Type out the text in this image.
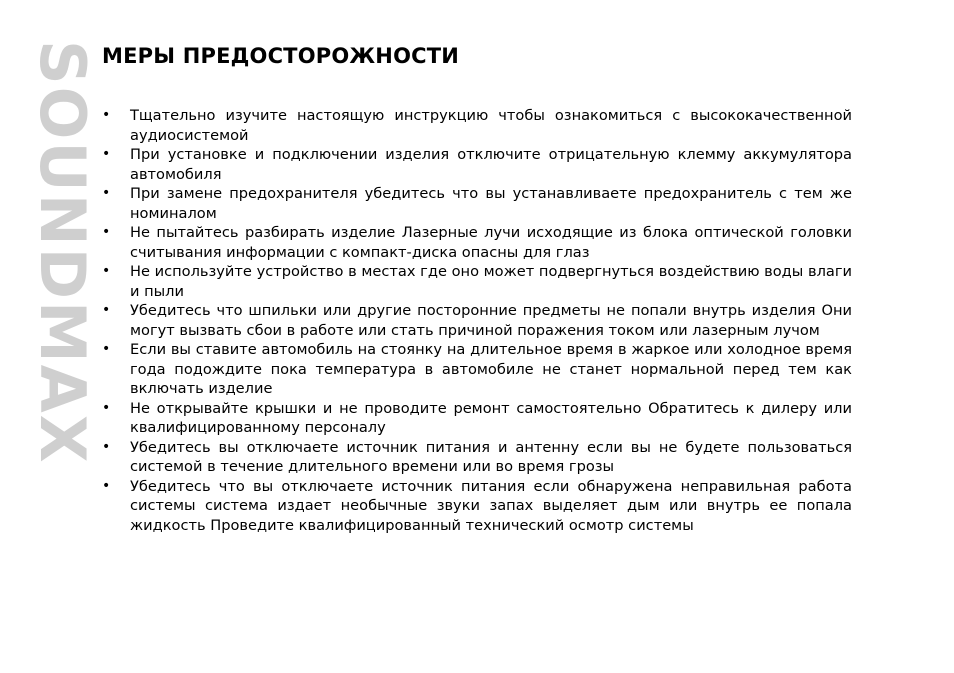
SOUNDMAX МЕРЫ ПРЕДОСТОРОЖНОСТИ
• Тщательно изучите настоящую инструкцию чтобы ознакомиться с высококачественной аудиосистемой
• При установке и подключении изделия отключите отрицательную клемму аккумулятора автомобиля
• При замене предохранителя убедитесь что вы устанавливаете предохранитель с тем же номиналом
• Не пытайтесь разбирать изделие Лазерные лучи исходящие из блока оптической головки считывания информации с компакт-диска опасны для глаз
• Не используйте устройство в местах где оно может подвергнуться воздействию воды влаги и пыли
• Убедитесь что шпильки или другие посторонние предметы не попали внутрь изделия Они могут вызвать сбои в работе или стать причиной поражения током или лазерным лучом
• Если вы ставите автомобиль на стоянку на длительное время в жаркое или холодное время года подождите пока температура в автомобиле не станет нормальной перед тем как включать изделие
• Не открывайте крышки и не проводите ремонт самостоятельно Обратитесь к дилеру или квалифицированному персоналу
• Убедитесь вы отключаете источник питания и антенну если вы не будете пользоваться системой в течение длительного времени или во время грозы
• Убедитесь что вы отключаете источник питания если обнаружена неправильная работа системы система издает необычные звуки запах выделяет дым или внутрь ее попала жидкость Проведите квалифицированный технический осмотр системы
